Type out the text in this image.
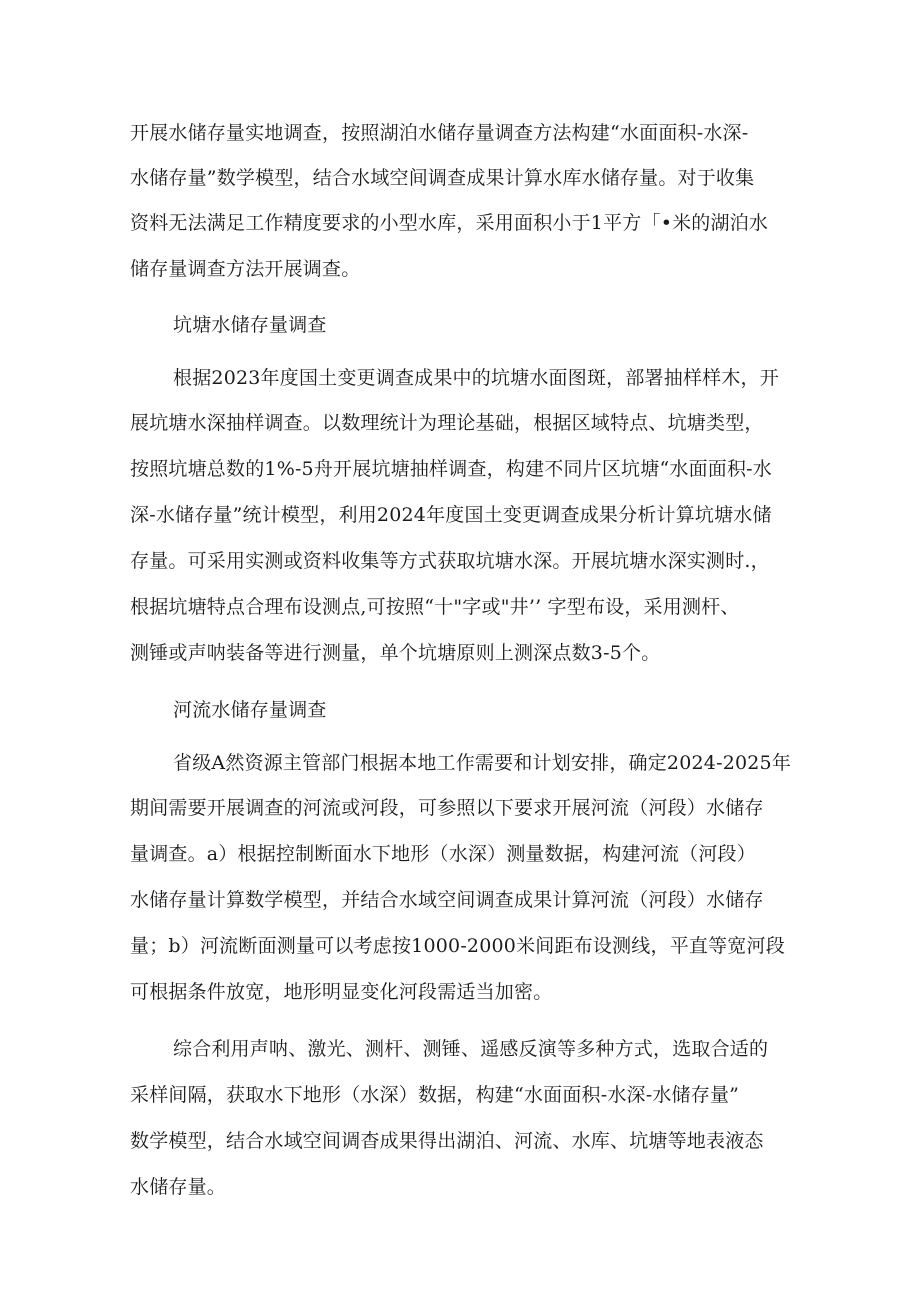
开展水储存量实地调查，按照湖泊水储存量调查方法构建“水面面积-水深-
水储存量”数学模型，结合水域空间调查成果计算水库水储存量。对于收集
资料无法满足工作精度要求的小型水库，采用面积小于1平方「•米的湖泊水
储存量调查方法开展调查。
坑塘水储存量调查
根据2023年度国土变更调查成果中的坑塘水面图斑，部署抽样样木，开
展坑塘水深抽样调查。以数理统计为理论基础，根据区域特点、坑塘类型，
按照坑塘总数的1%-5舟开展坑塘抽样调查，构建不同片区坑塘“水面面积-水
深-水储存量”统计模型，利用2024年度国土变更调查成果分析计算坑塘水储
存量。可采用实测或资料收集等方式获取坑塘水深。开展坑塘水深实测时.，
根据坑塘特点合理布设测点,可按照“十"字或"井’’ 字型布设，采用测杆、
测锤或声呐装备等进行测量，单个坑塘原则上测深点数3-5个。
河流水储存量调查
省级A然资源主管部门根据本地工作需要和计划安排，确定2024-2025年
期间需要开展调查的河流或河段，可参照以下要求开展河流（河段）水储存
量调查。a）根据控制断面水下地形（水深）测量数据，构建河流（河段）
水储存量计算数学模型，并结合水域空间调查成果计算河流（河段）水储存
量；b）河流断面测量可以考虑按1000-2000米间距布设测线，平直等宽河段
可根据条件放宽，地形明显变化河段需适当加密。
综合利用声呐、激光、测杆、测锤、遥感反演等多种方式，选取合适的
采样间隔，获取水下地形（水深）数据，构建“水面面积-水深-水储存量”
数学模型，结合水域空间调杳成果得出湖泊、河流、水库、坑塘等地表液态
水储存量。
